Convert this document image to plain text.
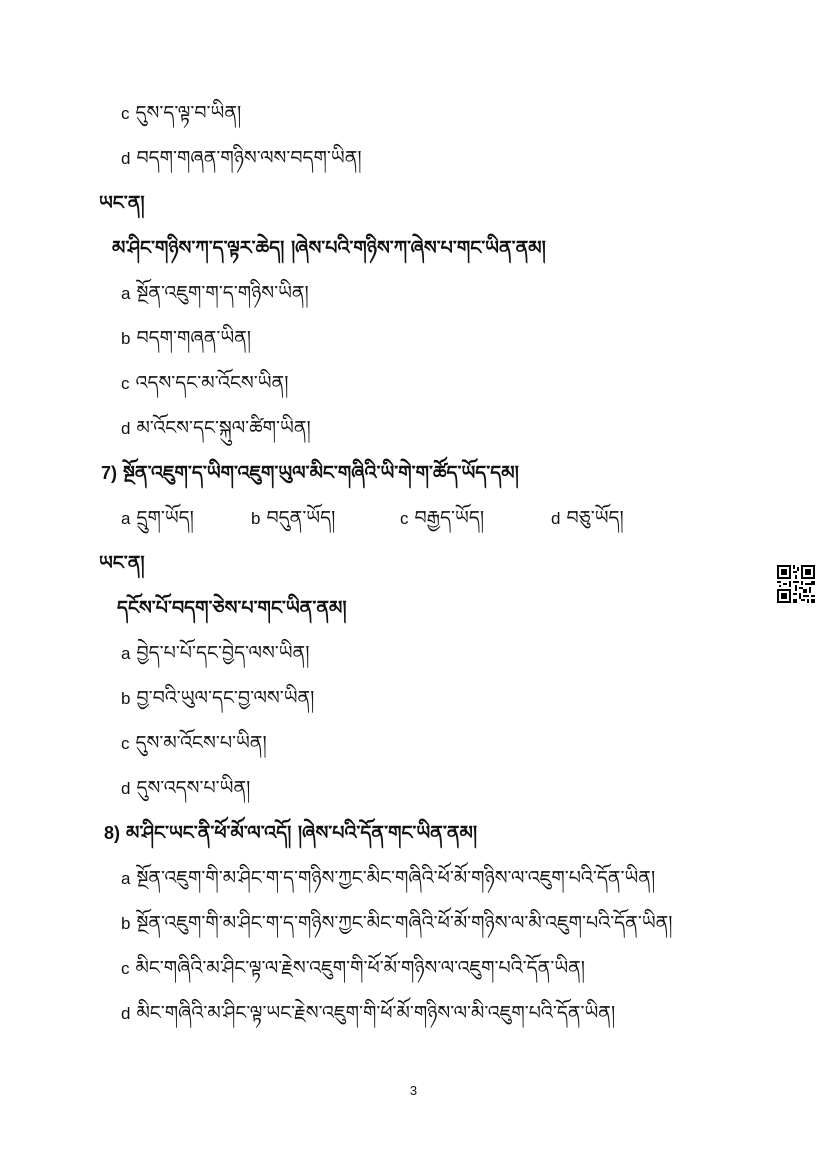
c དུས་ད་ལྟ་བ་ཡིན།
d བདག་གཞན་གཉིས་ལས་བདག་ཡིན།
ཡང་ན།
མ་ཤིང་གཉིས་ཀ་ད་ལྟར་ཆེད། །ཞེས་པའི་གཉིས་ཀ་ཞེས་པ་གང་ཡིན་ནམ།
a སྔོན་འཇུག་ག་ད་གཉིས་ཡིན།
b བདག་གཞན་ཡིན།
c འདས་དང་མ་འོངས་ཡིན།
d མ་འོངས་དང་སྐུལ་ཚིག་ཡིན།
7) སྔོན་འཇུག་ད་ཡིག་འཇུག་ཡུལ་མིང་གཞིའི་ཡི་གེ་ག་ཚོད་ཡོད་དམ།
a དྲུག་ཡོད།	b བདུན་ཡོད།	c བརྒྱད་ཡོད།	d བཅུ་ཡོད།
ཡང་ན།
དངོས་པོ་བདག་ཅེས་པ་གང་ཡིན་ནམ།
a བྱེད་པ་པོ་དང་བྱེད་ལས་ཡིན།
b བྱ་བའི་ཡུལ་དང་བྱ་ལས་ཡིན།
c དུས་མ་འོངས་པ་ཡིན།
d དུས་འདས་པ་ཡིན།
8) མ་ཤིང་ཡང་ནི་ཕོ་མོ་ལ་འདོ། །ཞེས་པའི་དོན་གང་ཡིན་ནམ།
a སྔོན་འཇུག་གི་མ་ཤིང་ག་ད་གཉིས་ཀྱང་མིང་གཞིའི་ཕོ་མོ་གཉིས་ལ་འཇུག་པའི་དོན་ཡིན།
b སྔོན་འཇུག་གི་མ་ཤིང་ག་ད་གཉིས་ཀྱང་མིང་གཞིའི་ཕོ་མོ་གཉིས་ལ་མི་འཇུག་པའི་དོན་ཡིན།
c མིང་གཞིའི་མ་ཤིང་ལྟ་ལ་རྗེས་འཇུག་གི་ཕོ་མོ་གཉིས་ལ་འཇུག་པའི་དོན་ཡིན།
d མིང་གཞིའི་མ་ཤིང་ལྟ་ཡང་རྗེས་འཇུག་གི་ཕོ་མོ་གཉིས་ལ་མི་འཇུག་པའི་དོན་ཡིན།
3
